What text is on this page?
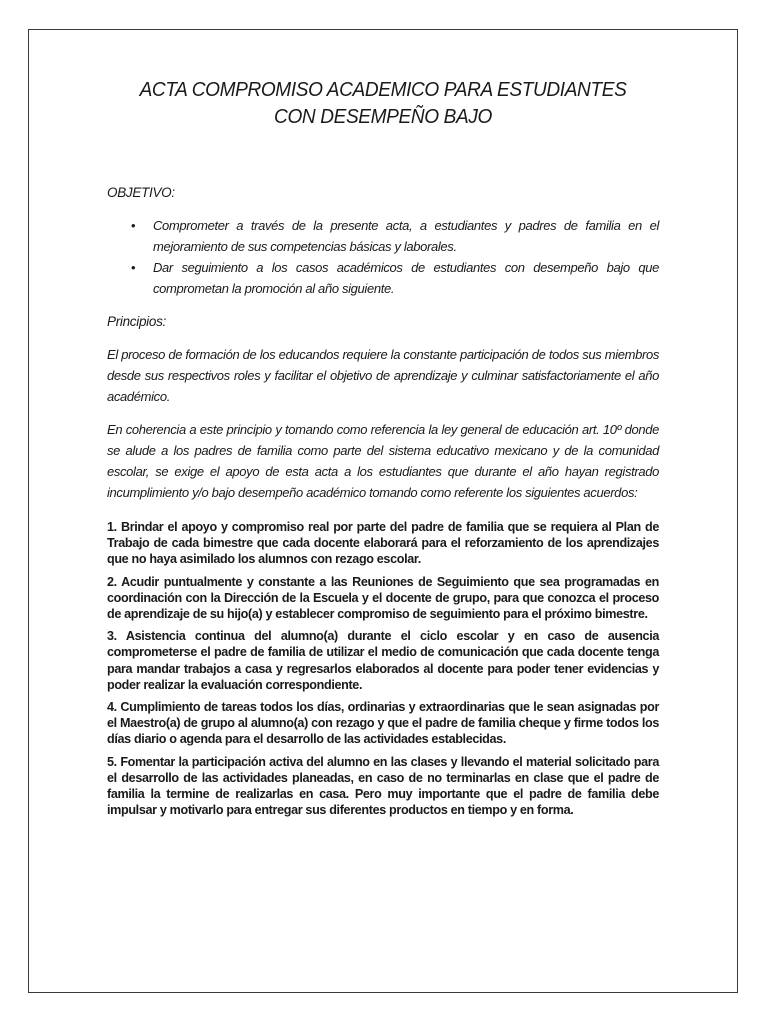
ACTA COMPROMISO ACADEMICO PARA ESTUDIANTES CON DESEMPEÑO BAJO
OBJETIVO:
• Comprometer a través de la presente acta, a estudiantes y padres de familia en el mejoramiento de sus competencias básicas y laborales.
• Dar seguimiento a los casos académicos de estudiantes con desempeño bajo que comprometan la promoción al año siguiente.
Principios:

El proceso de formación de los educandos requiere la constante participación de todos sus miembros desde sus respectivos roles y facilitar el objetivo de aprendizaje y culminar satisfactoriamente el año académico.

En coherencia a este principio y tomando como referencia la ley general de educación art. 10º donde se alude a los padres de familia como parte del sistema educativo mexicano y de la comunidad escolar, se exige el apoyo de esta acta a los estudiantes que durante el año hayan registrado incumplimiento y/o bajo desempeño académico tomando como referente los siguientes acuerdos:

1. Brindar el apoyo y compromiso real por parte del padre de familia que se requiera al Plan de Trabajo de cada bimestre que cada docente elaborará para el reforzamiento de los aprendizajes que no haya asimilado los alumnos con rezago escolar.

2. Acudir puntualmente y constante a las Reuniones de Seguimiento que sea programadas en coordinación con la Dirección de la Escuela y el docente de grupo, para que conozca el proceso de aprendizaje de su hijo(a) y establecer compromiso de seguimiento para el próximo bimestre.

3. Asistencia continua del alumno(a) durante el ciclo escolar y en caso de ausencia comprometerse el padre de familia de utilizar el medio de comunicación que cada docente tenga para mandar trabajos a casa y regresarlos elaborados al docente para poder tener evidencias y poder realizar la evaluación correspondiente.

4. Cumplimiento de tareas todos los días, ordinarias y extraordinarias que le sean asignadas por el Maestro(a) de grupo al alumno(a) con rezago y que el padre de familia cheque y firme todos los días diario o agenda para el desarrollo de las actividades establecidas.

5. Fomentar la participación activa del alumno en las clases y llevando el material solicitado para el desarrollo de las actividades planeadas, en caso de no terminarlas en clase que el padre de familia la termine de realizarlas en casa. Pero muy importante que el padre de familia debe impulsar y motivarlo para entregar sus diferentes productos en tiempo y en forma.
